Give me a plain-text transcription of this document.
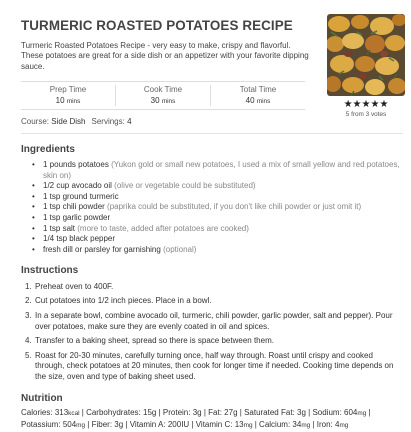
TURMERIC ROASTED POTATOES RECIPE

Turmeric Roasted Potatoes Recipe - very easy to make, crispy and flavorful. These potatoes are great for a side dish or an appetizer with your favorite dipping sauce.

★★★★★
5 from 3 votes
Prep Time
10 mins
Cook Time
30 mins
Total Time
40 mins
Course: Side Dish Servings: 4
Ingredients
• 1 pounds potatoes (Yukon gold or small new potatoes, I used a mix of small yellow and red potatoes, skin on)
• 1/2 cup avocado oil (olive or vegetable could be substituted)
• 1 tsp ground turmeric
• 1 tsp chili powder (paprika could be substituted, if you don't like chili powder or just omit it)
• 1 tsp garlic powder
• 1 tsp salt (more to taste, added after potatoes are cooked)
• 1/4 tsp black pepper
• fresh dill or parsley for garnishing (optional)
Instructions
1. Preheat oven to 400F.
2. Cut potatoes into 1/2 inch pieces. Place in a bowl.
3. In a separate bowl, combine avocado oil, turmeric, chili powder, garlic powder, salt and pepper). Pour over potatoes, make sure they are evenly coated in oil and spices.
4. Transfer to a baking sheet, spread so there is space between them.
5. Roast for 20-30 minutes, carefully turning once, half way through. Roast until crispy and cooked through, check potatoes at 20 minutes, then cook for longer time if needed. Cooking time depends on the size, oven and type of baking sheet used.
Nutrition
Calories: 313kcal | Carbohydrates: 15g | Protein: 3g | Fat: 27g | Saturated Fat: 3g | Sodium: 604mg | Potassium: 504mg | Fiber: 3g | Vitamin A: 200IU | Vitamin C: 13mg | Calcium: 34mg | Iron: 4mg
